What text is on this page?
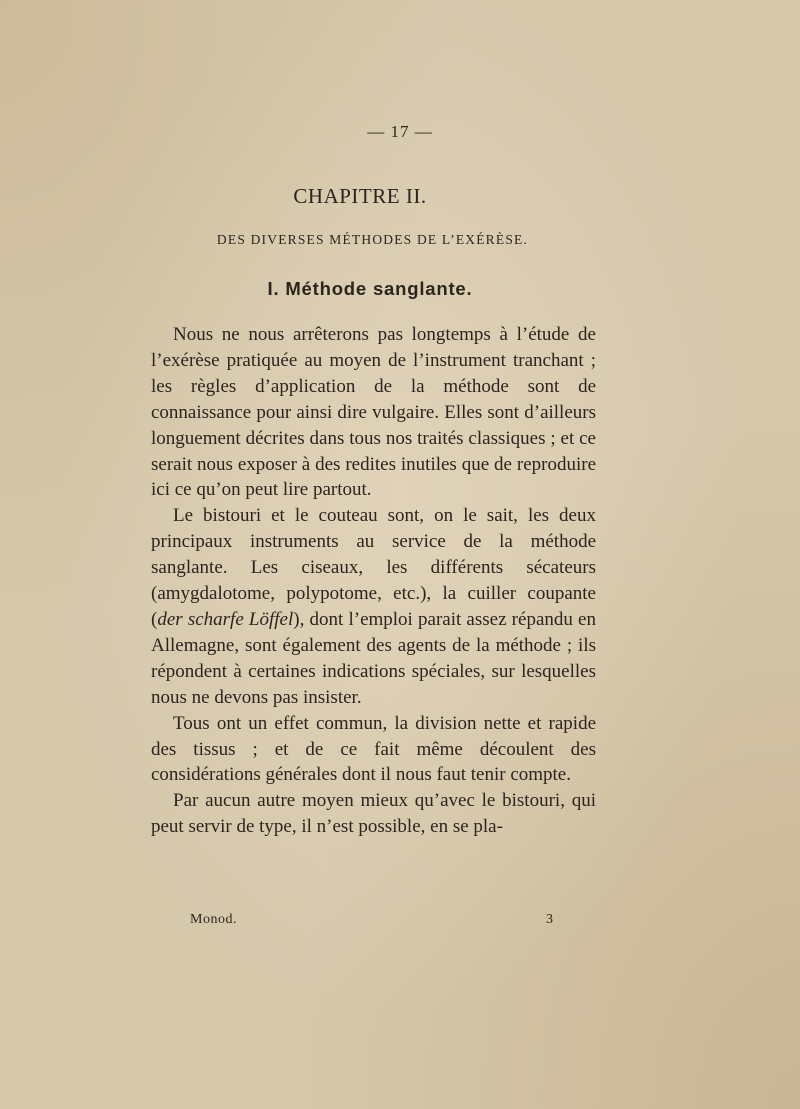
— 17 —
CHAPITRE II.
DES DIVERSES MÉTHODES DE L’EXÉRÈSE.
I. Méthode sanglante.

Nous ne nous arrêterons pas longtemps à l’étude de l’exérèse pratiquée au moyen de l’instrument tranchant ; les règles d’application de la méthode sont de connaissance pour ainsi dire vulgaire. Elles sont d’ailleurs longuement décrites dans tous nos traités classiques ; et ce serait nous exposer à des redites inutiles que de reproduire ici ce qu’on peut lire partout.

Le bistouri et le couteau sont, on le sait, les deux principaux instruments au service de la méthode sanglante. Les ciseaux, les différents sécateurs (amygdalotome, polypotome, etc.), la cuiller coupante (der scharfe Löffel), dont l’emploi parait assez répandu en Allemagne, sont également des agents de la méthode ; ils répondent à certaines indications spéciales, sur lesquelles nous ne devons pas insister.

Tous ont un effet commun, la division nette et rapide des tissus ; et de ce fait même découlent des considérations générales dont il nous faut tenir compte.

Par aucun autre moyen mieux qu’avec le bistouri, qui peut servir de type, il n’est possible, en se pla-

Monod.	3
